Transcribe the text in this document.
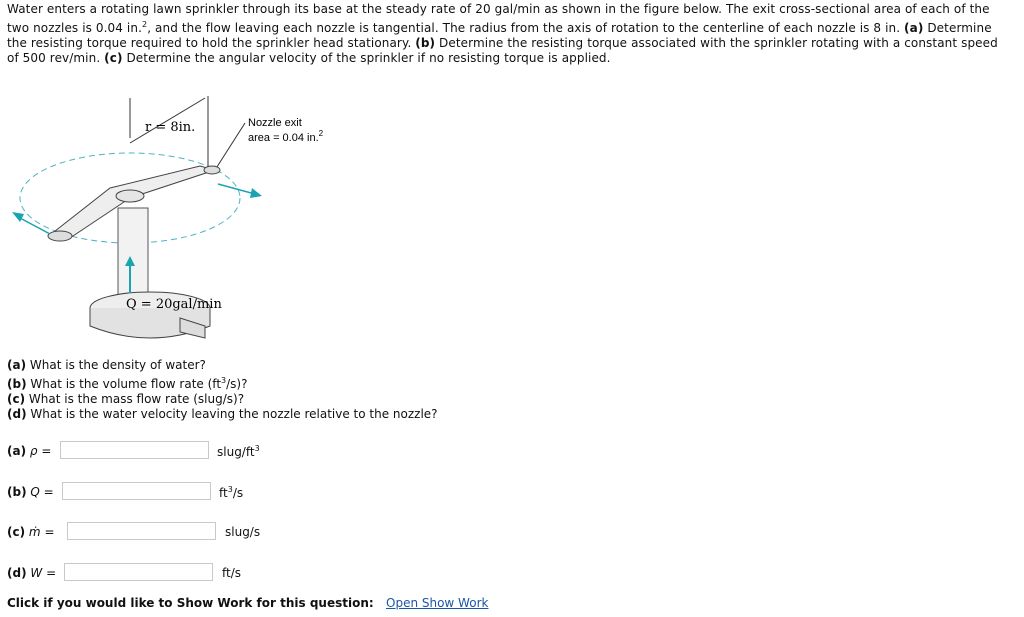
Water enters a rotating lawn sprinkler through its base at the steady rate of 20 gal/min as shown in the figure below. The exit cross-sectional area of each of the two nozzles is 0.04 in.$^2$, and the flow leaving each nozzle is tangential. The radius from the axis of rotation to the centerline of each nozzle is 8 in. (a) Determine the resisting torque required to hold the sprinkler head stationary. (b) Determine the resisting torque associated with the sprinkler rotating with a constant speed of 500 rev/min. (c) Determine the angular velocity of the sprinkler if no resisting torque is applied.
r = 8in.	Nozzle exit
area = 0.04 in.$^2$
Q = 20gal/min
(a) What is the density of water?
(b) What is the volume flow rate $(ft^3/s)$?
(c) What is the mass flow rate (slug/s)?
(d) What is the water velocity leaving the nozzle relative to the nozzle?
(a) ρ =	slug/$ft^3$
(b) Q =	$ft^3/s$
(c) ṁ =	slug/s
(d) W =	ft/s
Click if you would like to Show Work for this question: Open Show Work
